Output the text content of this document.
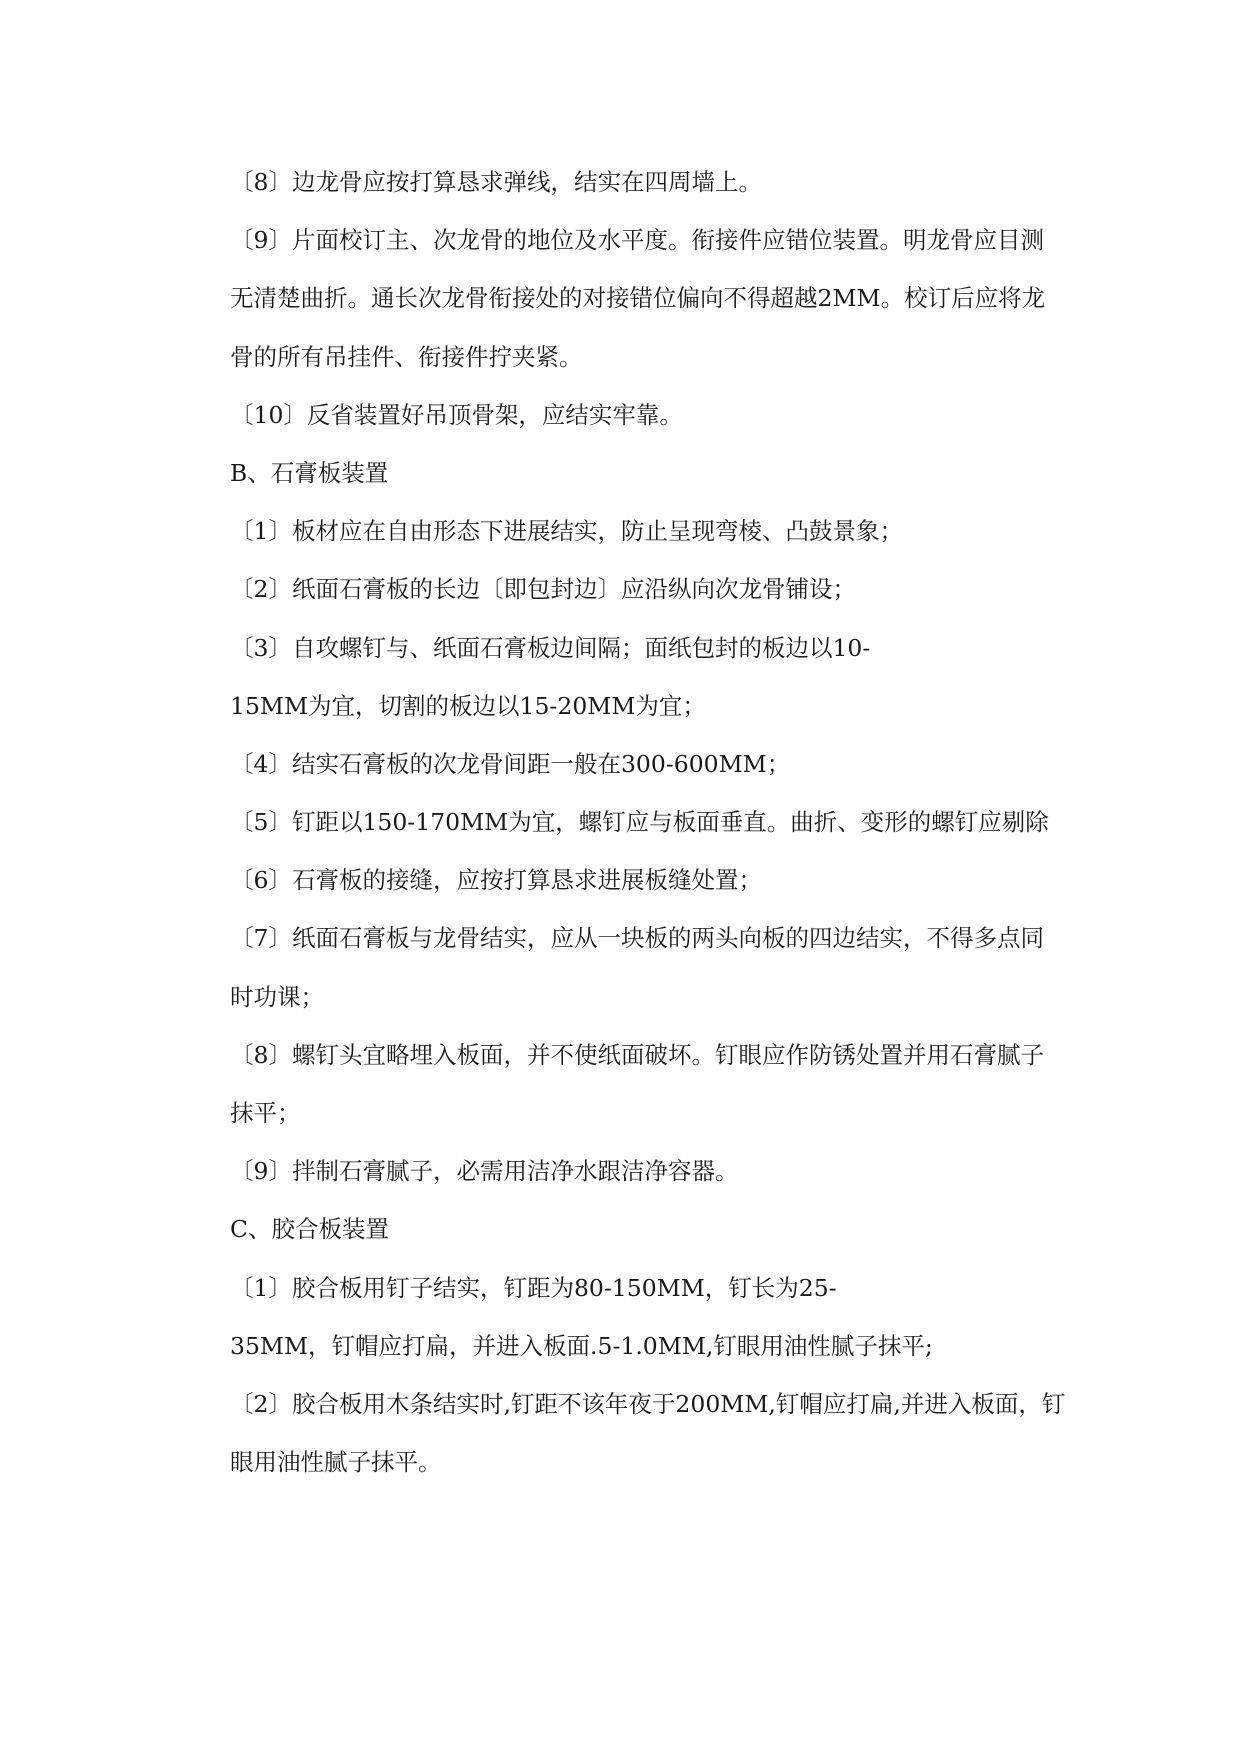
〔8〕边龙骨应按打算恳求弹线，结实在四周墙上。
〔9〕片面校订主、次龙骨的地位及水平度。衔接件应错位装置。明龙骨应目测
无清楚曲折。通长次龙骨衔接处的对接错位偏向不得超越2MM。校订后应将龙
骨的所有吊挂件、衔接件拧夹紧。
〔10〕反省装置好吊顶骨架，应结实牢靠。
B、石膏板装置
〔1〕板材应在自由形态下进展结实，防止呈现弯棱、凸鼓景象；
〔2〕纸面石膏板的长边〔即包封边〕应沿纵向次龙骨铺设；
〔3〕自攻螺钉与、纸面石膏板边间隔；面纸包封的板边以10-
15MM为宜，切割的板边以15-20MM为宜；
〔4〕结实石膏板的次龙骨间距一般在300-600MM；
〔5〕钉距以150-170MM为宜，螺钉应与板面垂直。曲折、变形的螺钉应剔除
〔6〕石膏板的接缝，应按打算恳求进展板缝处置；
〔7〕纸面石膏板与龙骨结实，应从一块板的两头向板的四边结实，不得多点同
时功课；
〔8〕螺钉头宜略埋入板面，并不使纸面破坏。钉眼应作防锈处置并用石膏腻子
抹平；
〔9〕拌制石膏腻子，必需用洁净水跟洁净容器。
C、胶合板装置
〔1〕胶合板用钉子结实，钉距为80-150MM，钉长为25-
35MM，钉帽应打扁，并进入板面.5-1.0MM,钉眼用油性腻子抹平;
〔2〕胶合板用木条结实时,钉距不该年夜于200MM,钉帽应打扁,并进入板面，钉
眼用油性腻子抹平。
